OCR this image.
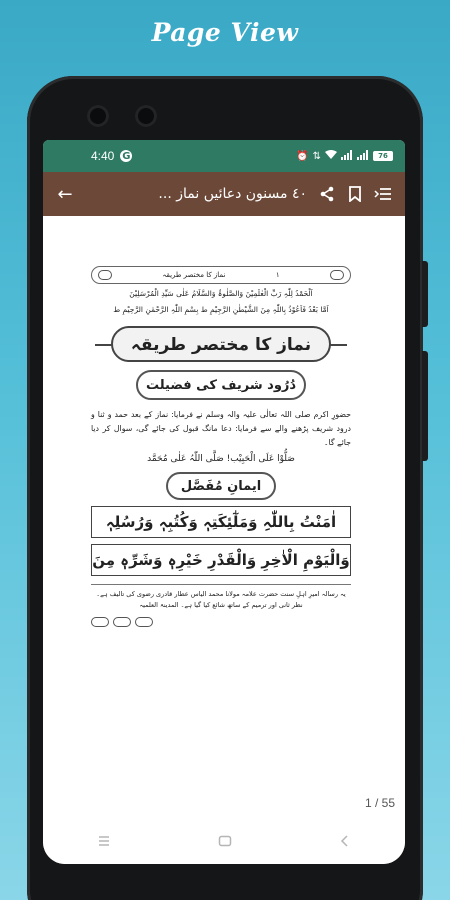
Page View
4:40 G	⏰ ⇅	76
←	٤٠ مسنون دعائیں نماز ...
۱
نماز کا مختصر طریقہ
اَلْحَمْدُ لِلّٰہِ رَبِّ الْعٰلَمِیْنَ وَالصَّلٰوۃُ وَالسَّلَامُ عَلٰی سَیِّدِ الْمُرْسَلِیْنَ
اَمَّا بَعْدُ فَاَعُوْذُ بِاللّٰہِ مِنَ الشَّیْطٰنِ الرَّجِیْمِ ط بِسْمِ اللّٰہِ الرَّحْمٰنِ الرَّحِیْمِ ط
نماز کا مختصر طریقہ
دُرُود شریف کی فضیلت
حضورِ اکرم صلی اللہ تعالٰی علیہ والہ وسلم نے فرمایا: نماز کے بعد حمد و ثنا و درود شریف پڑھنے والے سے فرمایا: دعا مانگ قبول کی جائے گی، سوال کر دیا جائے گا۔
صَلُّوْا عَلَی الْحَبِیْب! صَلَّی اللّٰہُ عَلٰی مُحَمَّد
ایمانِ مُفَصَّل
اٰمَنْتُ بِاللّٰہِ وَمَلٰٓئِکَتِہٖ وَکُتُبِہٖ وَرُسُلِہٖ
وَالْیَوْمِ الْاٰخِرِ وَالْقَدْرِ خَیْرِہٖ وَشَرِّہٖ مِنَ
یہ رسالہ امیرِ اہلِ سنت حضرت علامہ مولانا محمد الیاس عطار قادری رضوی کی تالیف ہے۔ نظر ثانی اور ترمیم کے ساتھ شائع کیا گیا ہے۔ المدینۃ العلمیہ
1 / 55
